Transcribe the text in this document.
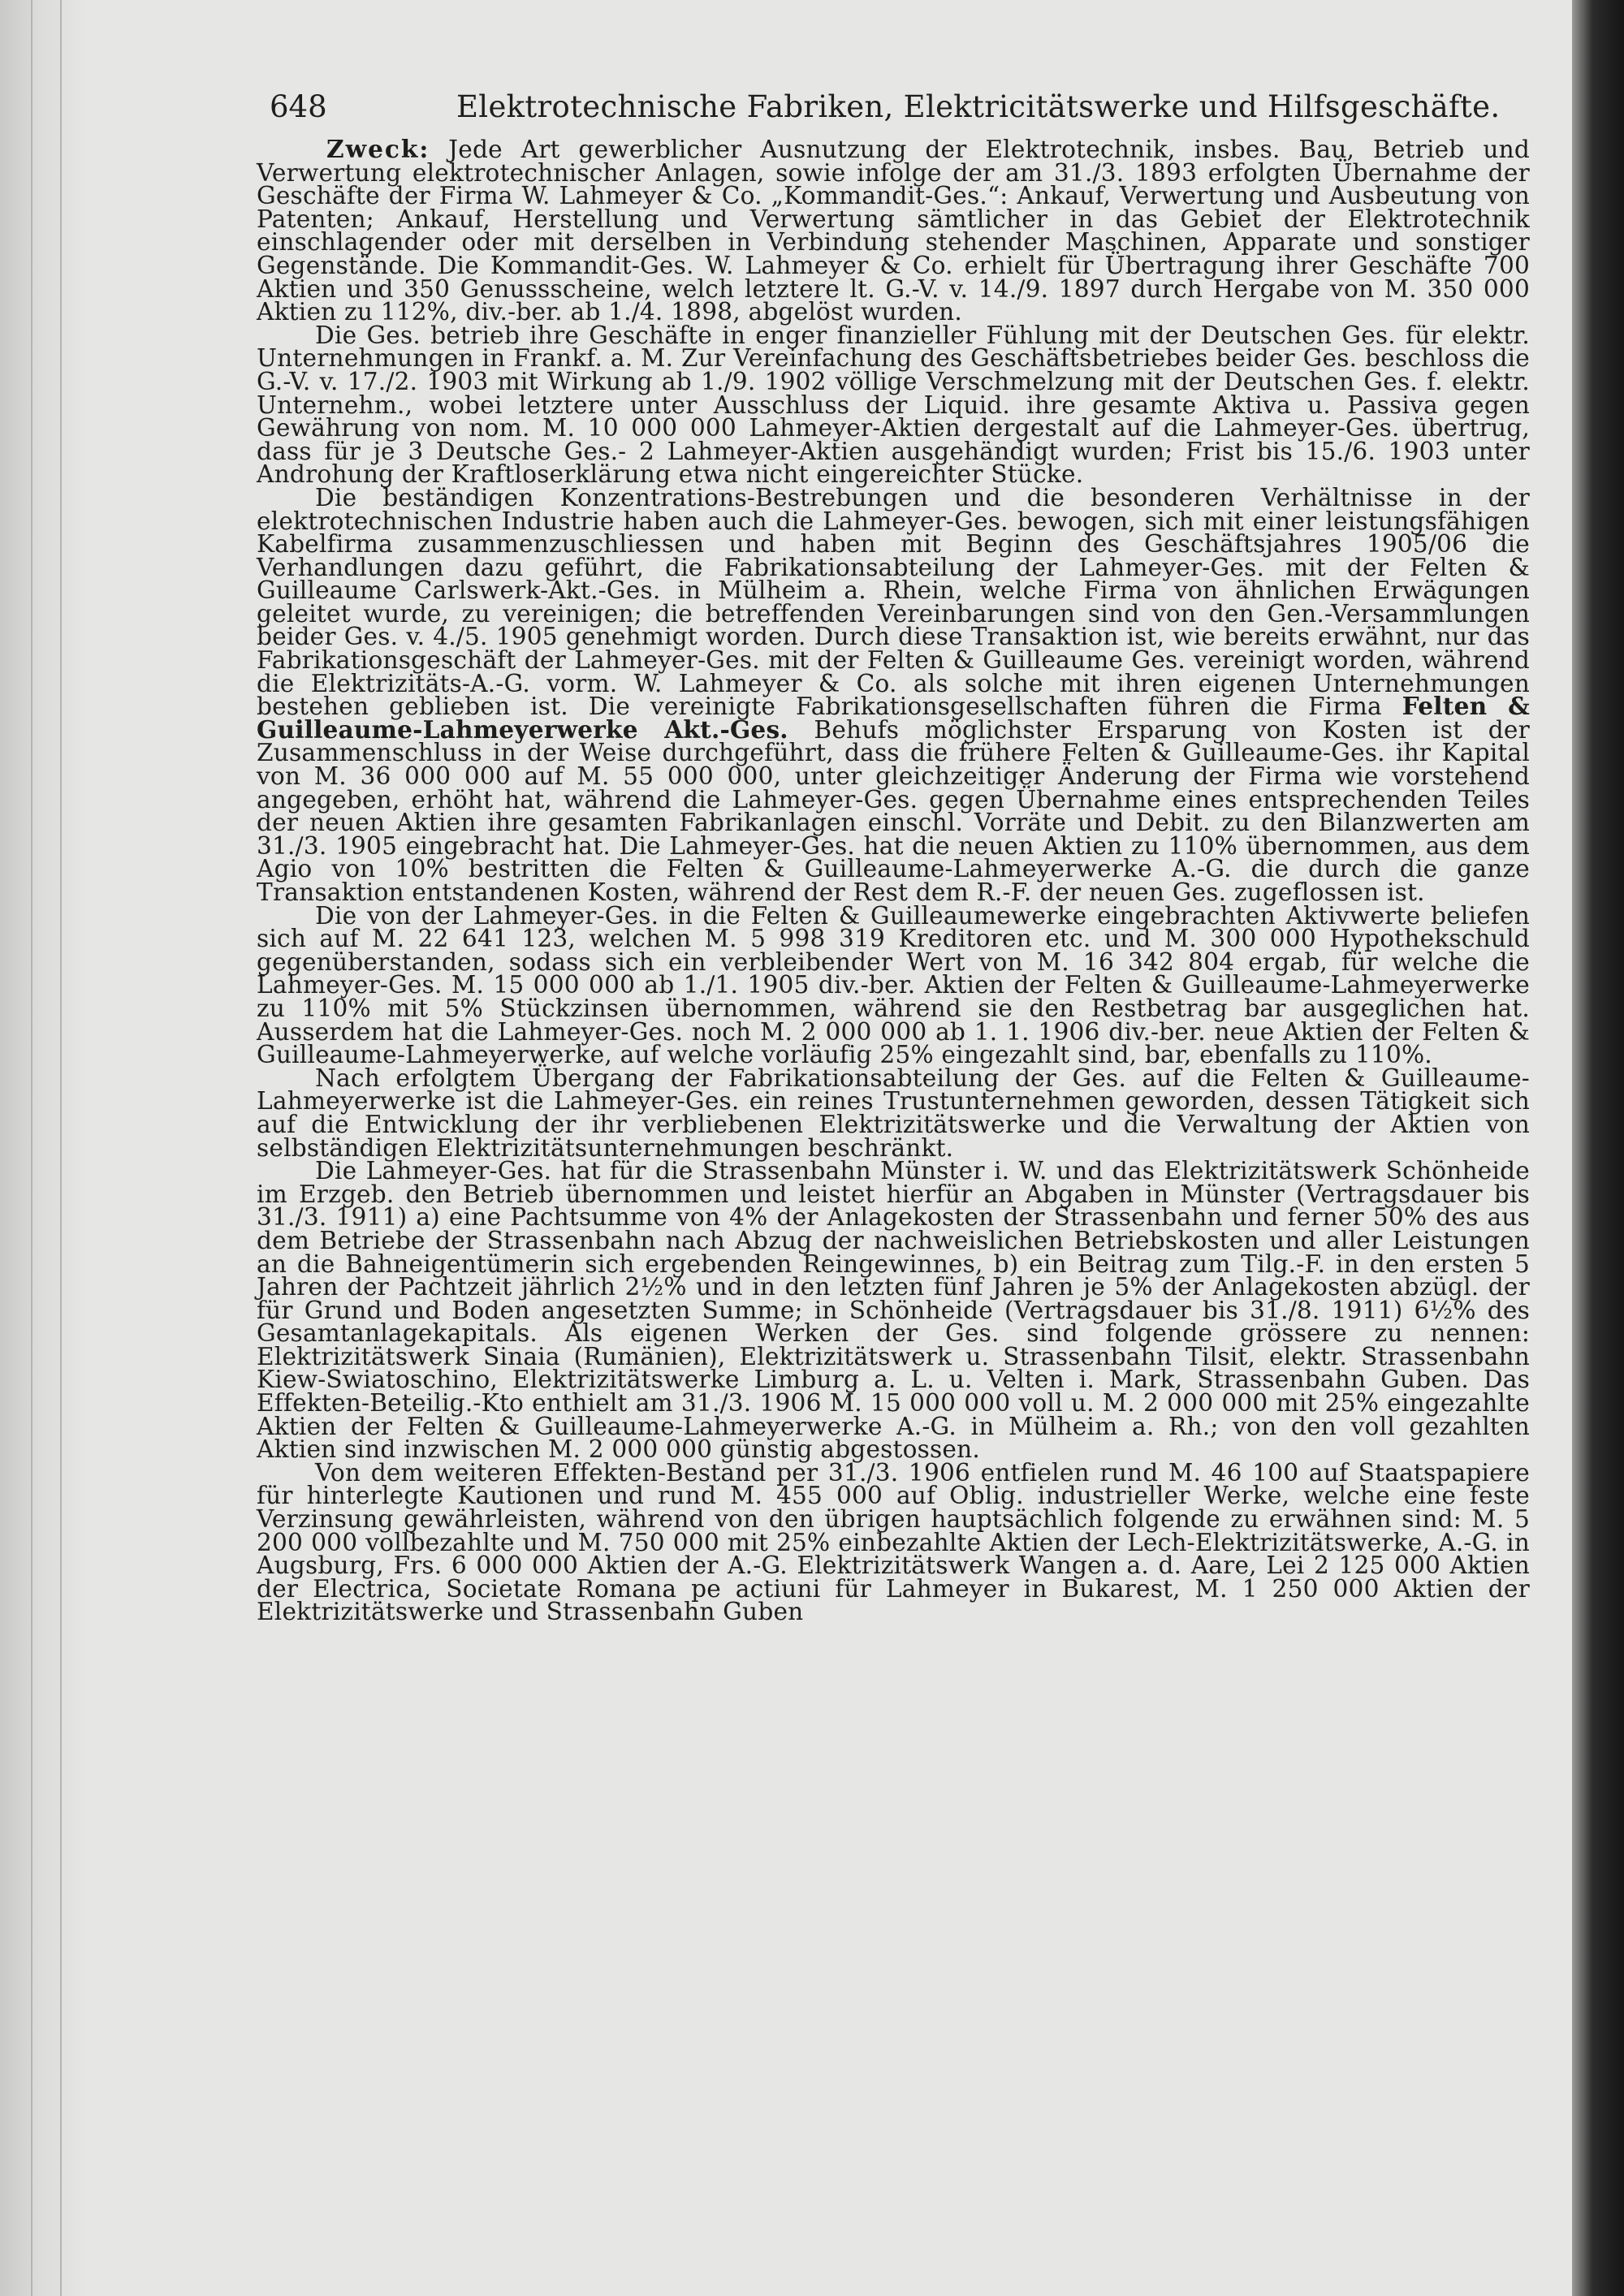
648	Elektrotechnische Fabriken, Elektricitätswerke und Hilfsgeschäfte.

Zweck: Jede Art gewerblicher Ausnutzung der Elektrotechnik, insbes. Bau, Betrieb und Verwertung elektrotechnischer Anlagen, sowie infolge der am 31./3. 1893 erfolgten Übernahme der Geschäfte der Firma W. Lahmeyer & Co. „Kommandit-Ges.“: Ankauf, Verwertung und Ausbeutung von Patenten; Ankauf, Herstellung und Verwertung sämtlicher in das Gebiet der Elektrotechnik einschlagender oder mit derselben in Verbindung stehender Maschinen, Apparate und sonstiger Gegenstände. Die Kommandit-Ges. W. Lahmeyer & Co. erhielt für Übertragung ihrer Geschäfte 700 Aktien und 350 Genussscheine, welch letztere lt. G.-V. v. 14./9. 1897 durch Hergabe von M. 350 000 Aktien zu 112%, div.-ber. ab 1./4. 1898, abgelöst wurden.

Die Ges. betrieb ihre Geschäfte in enger finanzieller Fühlung mit der Deutschen Ges. für elektr. Unternehmungen in Frankf. a. M. Zur Vereinfachung des Geschäftsbetriebes beider Ges. beschloss die G.-V. v. 17./2. 1903 mit Wirkung ab 1./9. 1902 völlige Verschmelzung mit der Deutschen Ges. f. elektr. Unternehm., wobei letztere unter Ausschluss der Liquid. ihre gesamte Aktiva u. Passiva gegen Gewährung von nom. M. 10 000 000 Lahmeyer-Aktien dergestalt auf die Lahmeyer-Ges. übertrug, dass für je 3 Deutsche Ges.- 2 Lahmeyer-Aktien ausgehändigt wurden; Frist bis 15./6. 1903 unter Androhung der Kraftloserklärung etwa nicht eingereichter Stücke.

Die beständigen Konzentrations-Bestrebungen und die besonderen Verhältnisse in der elektrotechnischen Industrie haben auch die Lahmeyer-Ges. bewogen, sich mit einer leistungsfähigen Kabelfirma zusammenzuschliessen und haben mit Beginn des Geschäftsjahres 1905/06 die Verhandlungen dazu geführt, die Fabrikationsabteilung der Lahmeyer-Ges. mit der Felten & Guilleaume Carlswerk-Akt.-Ges. in Mülheim a. Rhein, welche Firma von ähnlichen Erwägungen geleitet wurde, zu vereinigen; die betreffenden Vereinbarungen sind von den Gen.-Versammlungen beider Ges. v. 4./5. 1905 genehmigt worden. Durch diese Transaktion ist, wie bereits erwähnt, nur das Fabrikationsgeschäft der Lahmeyer-Ges. mit der Felten & Guilleaume Ges. vereinigt worden, während die Elektrizitäts-A.-G. vorm. W. Lahmeyer & Co. als solche mit ihren eigenen Unternehmungen bestehen geblieben ist. Die vereinigte Fabrikationsgesellschaften führen die Firma Felten & Guilleaume-Lahmeyerwerke Akt.-Ges. Behufs möglichster Ersparung von Kosten ist der Zusammenschluss in der Weise durchgeführt, dass die frühere Felten & Guilleaume-Ges. ihr Kapital von M. 36 000 000 auf M. 55 000 000, unter gleichzeitiger Änderung der Firma wie vorstehend angegeben, erhöht hat, während die Lahmeyer-Ges. gegen Übernahme eines entsprechenden Teiles der neuen Aktien ihre gesamten Fabrikanlagen einschl. Vorräte und Debit. zu den Bilanzwerten am 31./3. 1905 eingebracht hat. Die Lahmeyer-Ges. hat die neuen Aktien zu 110% übernommen, aus dem Agio von 10% bestritten die Felten & Guilleaume-Lahmeyerwerke A.-G. die durch die ganze Transaktion entstandenen Kosten, während der Rest dem R.-F. der neuen Ges. zugeflossen ist.

Die von der Lahmeyer-Ges. in die Felten & Guilleaumewerke eingebrachten Aktivwerte beliefen sich auf M. 22 641 123, welchen M. 5 998 319 Kreditoren etc. und M. 300 000 Hypothekschuld gegenüberstanden, sodass sich ein verbleibender Wert von M. 16 342 804 ergab, für welche die Lahmeyer-Ges. M. 15 000 000 ab 1./1. 1905 div.-ber. Aktien der Felten & Guilleaume-Lahmeyerwerke zu 110% mit 5% Stückzinsen übernommen, während sie den Restbetrag bar ausgeglichen hat. Ausserdem hat die Lahmeyer-Ges. noch M. 2 000 000 ab 1. 1. 1906 div.-ber. neue Aktien der Felten & Guilleaume-Lahmeyerwerke, auf welche vorläufig 25% eingezahlt sind, bar, ebenfalls zu 110%.

Nach erfolgtem Übergang der Fabrikationsabteilung der Ges. auf die Felten & Guilleaume-Lahmeyerwerke ist die Lahmeyer-Ges. ein reines Trustunternehmen geworden, dessen Tätigkeit sich auf die Entwicklung der ihr verbliebenen Elektrizitätswerke und die Verwaltung der Aktien von selbständigen Elektrizitätsunternehmungen beschränkt.

Die Lahmeyer-Ges. hat für die Strassenbahn Münster i. W. und das Elektrizitätswerk Schönheide im Erzgeb. den Betrieb übernommen und leistet hierfür an Abgaben in Münster (Vertragsdauer bis 31./3. 1911) a) eine Pachtsumme von 4% der Anlagekosten der Strassenbahn und ferner 50% des aus dem Betriebe der Strassenbahn nach Abzug der nachweislichen Betriebskosten und aller Leistungen an die Bahneigentümerin sich ergebenden Reingewinnes, b) ein Beitrag zum Tilg.-F. in den ersten 5 Jahren der Pachtzeit jährlich 2½% und in den letzten fünf Jahren je 5% der Anlagekosten abzügl. der für Grund und Boden angesetzten Summe; in Schönheide (Vertragsdauer bis 31./8. 1911) 6½% des Gesamtanlagekapitals. Als eigenen Werken der Ges. sind folgende grössere zu nennen: Elektrizitätswerk Sinaia (Rumänien), Elektrizitätswerk u. Strassenbahn Tilsit, elektr. Strassenbahn Kiew-Swiatoschino, Elektrizitätswerke Limburg a. L. u. Velten i. Mark, Strassenbahn Guben. Das Effekten-Beteilig.-Kto enthielt am 31./3. 1906 M. 15 000 000 voll u. M. 2 000 000 mit 25% eingezahlte Aktien der Felten & Guilleaume-Lahmeyerwerke A.-G. in Mülheim a. Rh.; von den voll gezahlten Aktien sind inzwischen M. 2 000 000 günstig abgestossen.

Von dem weiteren Effekten-Bestand per 31./3. 1906 entfielen rund M. 46 100 auf Staatspapiere für hinterlegte Kautionen und rund M. 455 000 auf Oblig. industrieller Werke, welche eine feste Verzinsung gewährleisten, während von den übrigen hauptsächlich folgende zu erwähnen sind: M. 5 200 000 vollbezahlte und M. 750 000 mit 25% einbezahlte Aktien der Lech-Elektrizitätswerke, A.-G. in Augsburg, Frs. 6 000 000 Aktien der A.-G. Elektrizitätswerk Wangen a. d. Aare, Lei 2 125 000 Aktien der Electrica, Societate Romana pe actiuni für Lahmeyer in Bukarest, M. 1 250 000 Aktien der Elektrizitätswerke und Strassenbahn Guben
